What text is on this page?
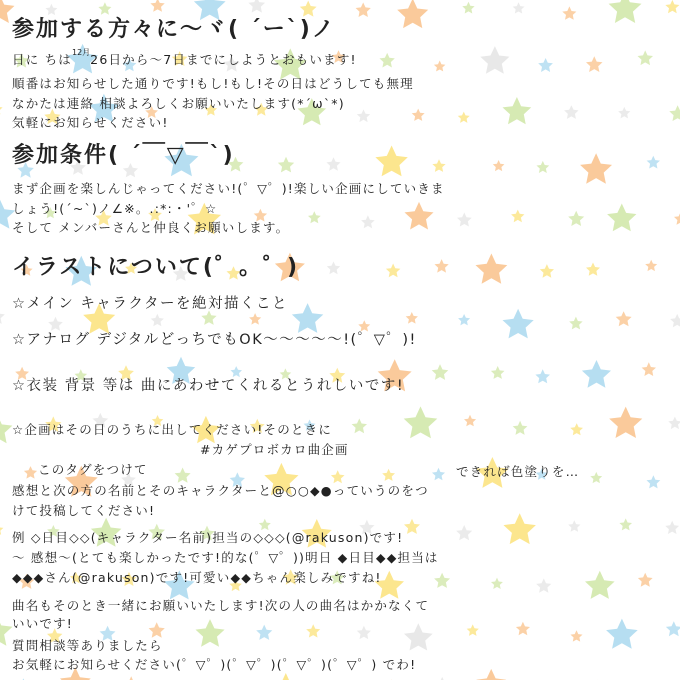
参加する方々に〜ヾ( ´ー`)ノ
日に ちは$^{12月}$26日から〜7日までにしようとおもいます!
順番はお知らせした通りです!もし!もし!その日はどうしても無理
なかたは連絡 相談よろしくお願いいたします(*´ω`*)
気軽にお知らせください!
参加条件( ´￣▽￣`)
まず企画を楽しんじゃってください!(゜▽゜)!楽しい企画にしていきま
しょう!(´~`)ノ∠※。.:*:・'゜☆
そして メンバーさんと仲良くお願いします。
イラストについて(゜。゜)
☆メイン キャラクターを絶対描くこと
☆アナログ デジタルどっちでもOK〜〜〜〜〜!(゜▽゜)!
☆衣装 背景 等は 曲にあわせてくれるとうれしいです!
☆企画はその日のうちに出してください!そのときに
#カゲプロボカロ曲企画
このタグをつけて	できれば色塗りを…
感想と次の方の名前とそのキャラクターと@○○◆●っていうのをつ
けて投稿してください!
例 ◇日目◇◇(キャラクター名前)担当の◇◇◇(@rakuson)です!
〜 感想〜(とても楽しかったです!的な(゜▽゜))明日 ◆日目◆◆担当は
◆◆◆さん(@rakuson)です!可愛い◆◆ちゃん楽しみですね!
曲名もそのとき一緒にお願いいたします!次の人の曲名はかかなくて
いいです!
質問相談等ありましたら
お気軽にお知らせください(゜▽゜)(゜▽゜)(゜▽゜)(゜▽゜) でわ!
